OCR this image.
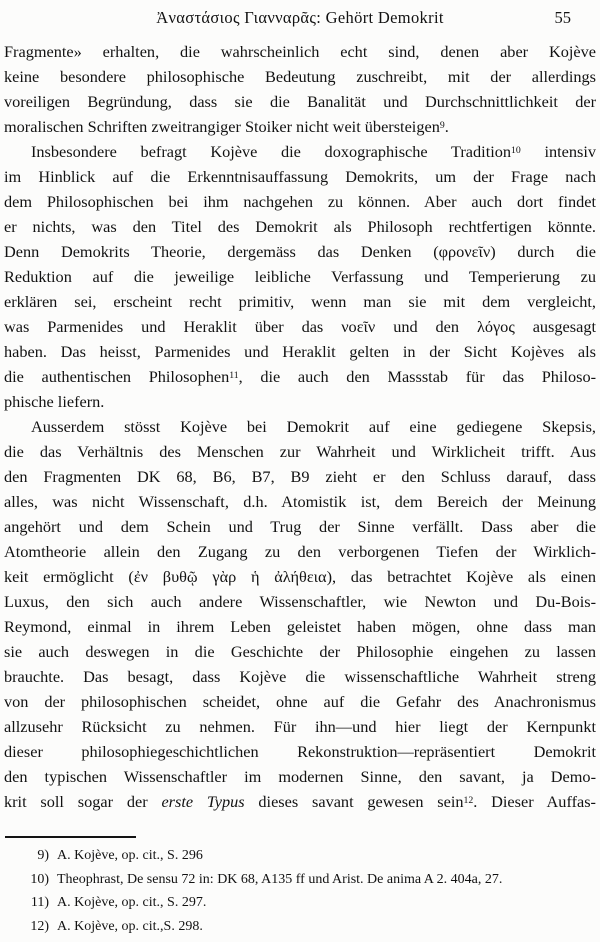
Ἀναστάσιος Γιανναρᾶς: Gehört Demokrit	55
Fragmente» erhalten, die wahrscheinlich echt sind, denen aber Kojève
keine besondere philosophische Bedeutung zuschreibt, mit der allerdings
voreiligen Begründung, dass sie die Banalität und Durchschnittlichkeit der
moralischen Schriften zweitrangiger Stoiker nicht weit übersteigen$^9$.
Insbesondere befragt Kojève die doxographische Tradition$^{10}$ intensiv
im Hinblick auf die Erkenntnisauffassung Demokrits, um der Frage nach
dem Philosophischen bei ihm nachgehen zu können. Aber auch dort findet
er nichts, was den Titel des Demokrit als Philosoph rechtfertigen könnte.
Denn Demokrits Theorie, dergemäss das Denken (φρονεῖν) durch die
Reduktion auf die jeweilige leibliche Verfassung und Temperierung zu
erklären sei, erscheint recht primitiv, wenn man sie mit dem vergleicht,
was Parmenides und Heraklit über das νοεῖν und den λόγος ausgesagt
haben. Das heisst, Parmenides und Heraklit gelten in der Sicht Kojèves als
die authentischen Philosophen$^{11}$, die auch den Massstab für das Philoso-
phische liefern.
Ausserdem stösst Kojève bei Demokrit auf eine gediegene Skepsis,
die das Verhältnis des Menschen zur Wahrheit und Wirklicheit trifft. Aus
den Fragmenten DK 68, B6, B7, B9 zieht er den Schluss darauf, dass
alles, was nicht Wissenschaft, d.h. Atomistik ist, dem Bereich der Meinung
angehört und dem Schein und Trug der Sinne verfällt. Dass aber die
Atomtheorie allein den Zugang zu den verborgenen Tiefen der Wirklich-
keit ermöglicht (ἐν βυθῷ γὰρ ἡ ἀλήθεια), das betrachtet Kojève als einen
Luxus, den sich auch andere Wissenschaftler, wie Newton und Du-Bois-
Reymond, einmal in ihrem Leben geleistet haben mögen, ohne dass man
sie auch deswegen in die Geschichte der Philosophie eingehen zu lassen
brauchte. Das besagt, dass Kojève die wissenschaftliche Wahrheit streng
von der philosophischen scheidet, ohne auf die Gefahr des Anachronismus
allzusehr Rücksicht zu nehmen. Für ihn—und hier liegt der Kernpunkt
dieser philosophiegeschichtlichen Rekonstruktion—repräsentiert Demokrit
den typischen Wissenschaftler im modernen Sinne, den savant, ja Demo-
krit soll sogar der erste Typus dieses savant gewesen sein$^{12}$. Dieser Auffas-
9) A. Kojève, op. cit., S. 296
10) Theophrast, De sensu 72 in: DK 68, A135 ff und Arist. De anima A 2. 404a, 27.
11) A. Kojève, op. cit., S. 297.
12) A. Kojève, op. cit.,S. 298.
